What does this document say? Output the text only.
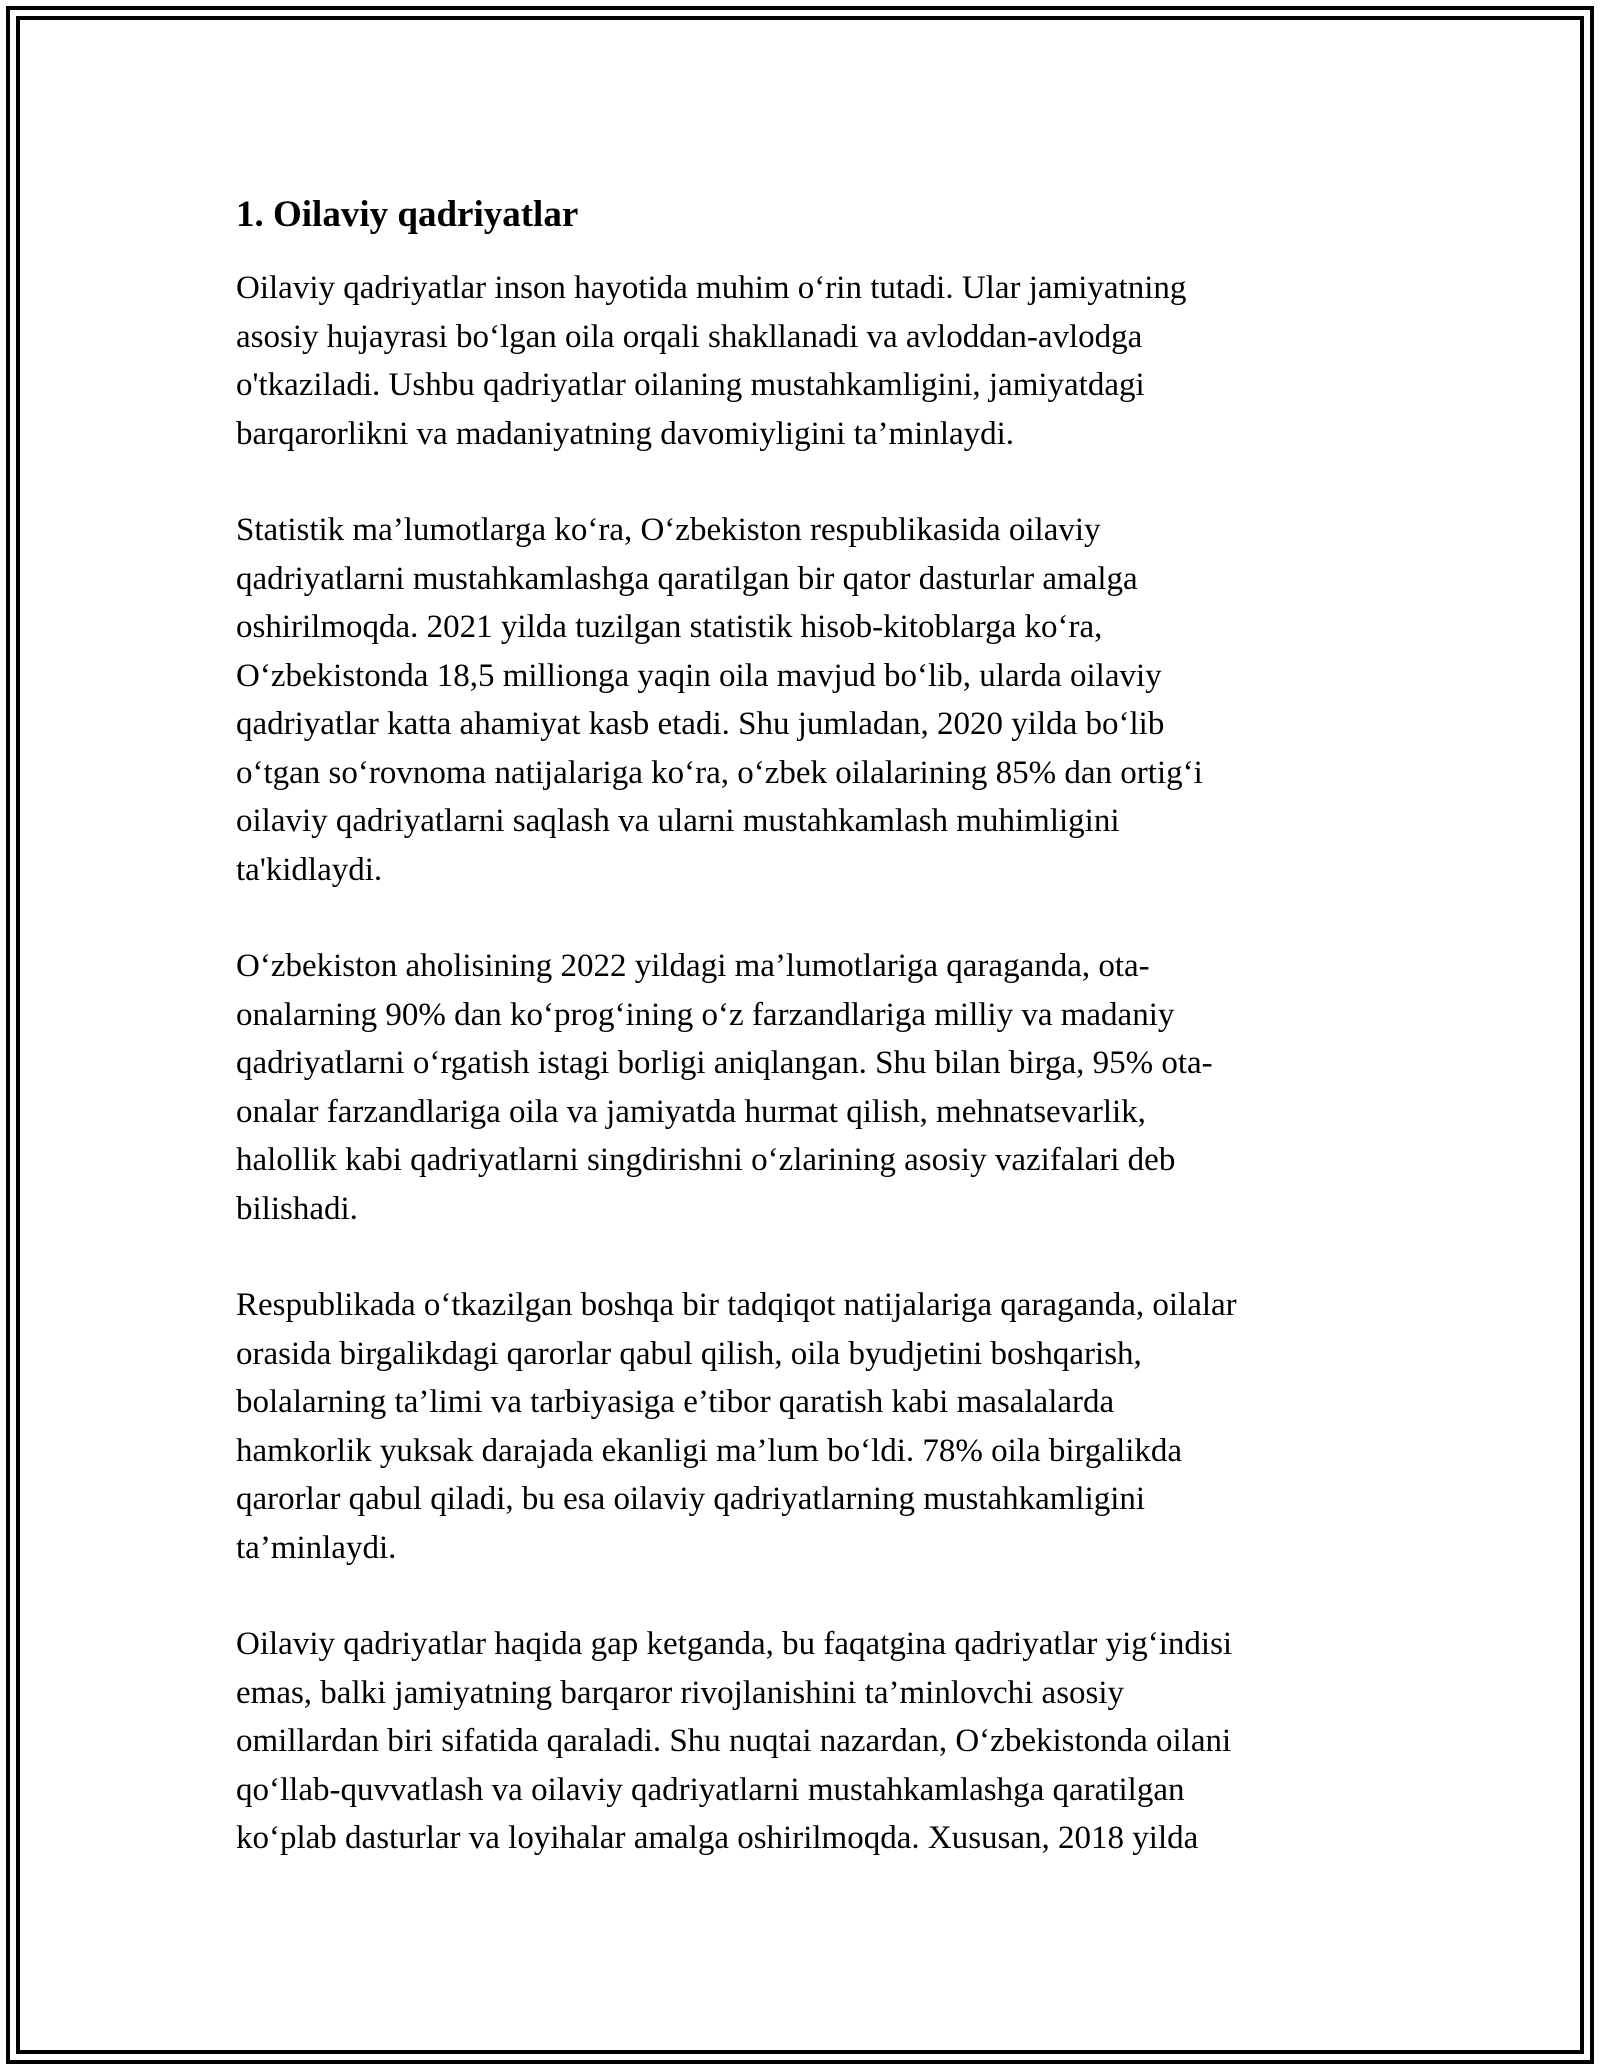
1. Oilaviy qadriyatlar
Oilaviy qadriyatlar inson hayotida muhim o‘rin tutadi. Ular jamiyatning
asosiy hujayrasi bo‘lgan oila orqali shakllanadi va avloddan-avlodga
o'tkaziladi. Ushbu qadriyatlar oilaning mustahkamligini, jamiyatdagi
barqarorlikni va madaniyatning davomiyligini ta’minlaydi.
Statistik ma’lumotlarga ko‘ra, O‘zbekiston respublikasida oilaviy
qadriyatlarni mustahkamlashga qaratilgan bir qator dasturlar amalga
oshirilmoqda. 2021 yilda tuzilgan statistik hisob-kitoblarga ko‘ra,
O‘zbekistonda 18,5 millionga yaqin oila mavjud bo‘lib, ularda oilaviy
qadriyatlar katta ahamiyat kasb etadi. Shu jumladan, 2020 yilda bo‘lib
o‘tgan so‘rovnoma natijalariga ko‘ra, o‘zbek oilalarining 85% dan ortig‘i
oilaviy qadriyatlarni saqlash va ularni mustahkamlash muhimligini
ta'kidlaydi.
O‘zbekiston aholisining 2022 yildagi ma’lumotlariga qaraganda, ota-
onalarning 90% dan ko‘prog‘ining o‘z farzandlariga milliy va madaniy
qadriyatlarni o‘rgatish istagi borligi aniqlangan. Shu bilan birga, 95% ota-
onalar farzandlariga oila va jamiyatda hurmat qilish, mehnatsevarlik,
halollik kabi qadriyatlarni singdirishni o‘zlarining asosiy vazifalari deb
bilishadi.
Respublikada o‘tkazilgan boshqa bir tadqiqot natijalariga qaraganda, oilalar
orasida birgalikdagi qarorlar qabul qilish, oila byudjetini boshqarish,
bolalarning ta’limi va tarbiyasiga e’tibor qaratish kabi masalalarda
hamkorlik yuksak darajada ekanligi ma’lum bo‘ldi. 78% oila birgalikda
qarorlar qabul qiladi, bu esa oilaviy qadriyatlarning mustahkamligini
ta’minlaydi.
Oilaviy qadriyatlar haqida gap ketganda, bu faqatgina qadriyatlar yig‘indisi
emas, balki jamiyatning barqaror rivojlanishini ta’minlovchi asosiy
omillardan biri sifatida qaraladi. Shu nuqtai nazardan, O‘zbekistonda oilani
qo‘llab-quvvatlash va oilaviy qadriyatlarni mustahkamlashga qaratilgan
ko‘plab dasturlar va loyihalar amalga oshirilmoqda. Xususan, 2018 yilda
